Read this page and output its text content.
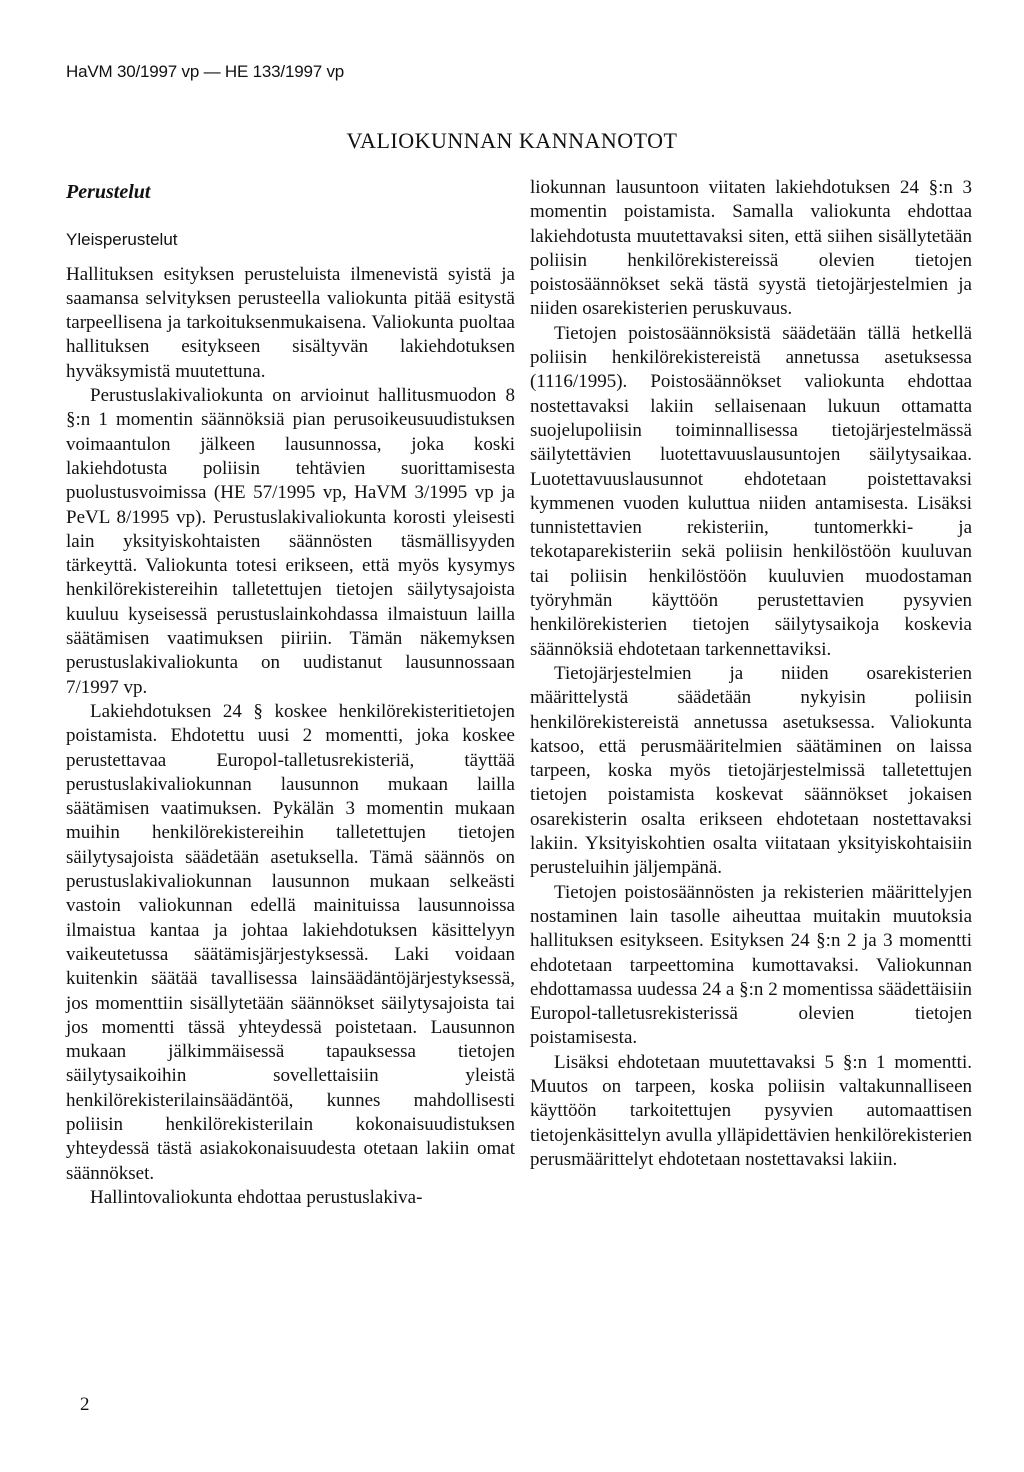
HaVM 30/1997 vp — HE 133/1997 vp
VALIOKUNNAN KANNANOTOT
Perustelut
Yleisperustelut

Hallituksen esityksen perusteluista ilmenevistä syistä ja saamansa selvityksen perusteella valiokunta pitää esitystä tarpeellisena ja tarkoituksenmukaisena. Valiokunta puoltaa hallituksen esitykseen sisältyvän lakiehdotuksen hyväksymistä muutettuna.

Perustuslakivaliokunta on arvioinut hallitusmuodon 8 §:n 1 momentin säännöksiä pian perusoikeusuudistuksen voimaantulon jälkeen lausunnossa, joka koski lakiehdotusta poliisin tehtävien suorittamisesta puolustusvoimissa (HE 57/1995 vp, HaVM 3/1995 vp ja PeVL 8/1995 vp). Perustuslakivaliokunta korosti yleisesti lain yksityiskohtaisten säännösten täsmällisyyden tärkeyttä. Valiokunta totesi erikseen, että myös kysymys henkilörekistereihin talletettujen tietojen säilytysajoista kuuluu kyseisessä perustuslainkohdassa ilmaistuun lailla säätämisen vaatimuksen piiriin. Tämän näkemyksen perustuslakivaliokunta on uudistanut lausunnossaan 7/1997 vp.

Lakiehdotuksen 24 § koskee henkilörekisteritietojen poistamista. Ehdotettu uusi 2 momentti, joka koskee perustettavaa Europol-talletusrekisteriä, täyttää perustuslakivaliokunnan lausunnon mukaan lailla säätämisen vaatimuksen. Pykälän 3 momentin mukaan muihin henkilörekistereihin talletettujen tietojen säilytysajoista säädetään asetuksella. Tämä säännös on perustuslakivaliokunnan lausunnon mukaan selkeästi vastoin valiokunnan edellä mainituissa lausunnoissa ilmaistua kantaa ja johtaa lakiehdotuksen käsittelyyn vaikeutetussa säätämisjärjestyksessä. Laki voidaan kuitenkin säätää tavallisessa lainsäädäntöjärjestyksessä, jos momenttiin sisällytetään säännökset säilytysajoista tai jos momentti tässä yhteydessä poistetaan. Lausunnon mukaan jälkimmäisessä tapauksessa tietojen säilytysaikoihin sovellettaisiin yleistä henkilörekisterilainsäädäntöä, kunnes mahdollisesti poliisin henkilörekisterilain kokonaisuudistuksen yhteydessä tästä asiakokonaisuudesta otetaan lakiin omat säännökset.

Hallintovaliokunta ehdottaa perustuslakiva-

liokunnan lausuntoon viitaten lakiehdotuksen 24 §:n 3 momentin poistamista. Samalla valiokunta ehdottaa lakiehdotusta muutettavaksi siten, että siihen sisällytetään poliisin henkilörekistereissä olevien tietojen poistosäännökset sekä tästä syystä tietojärjestelmien ja niiden osarekisterien peruskuvaus.

Tietojen poistosäännöksistä säädetään tällä hetkellä poliisin henkilörekistereistä annetussa asetuksessa (1116/1995). Poistosäännökset valiokunta ehdottaa nostettavaksi lakiin sellaisenaan lukuun ottamatta suojelupoliisin toiminnallisessa tietojärjestelmässä säilytettävien luotettavuuslausuntojen säilytysaikaa. Luotettavuuslausunnot ehdotetaan poistettavaksi kymmenen vuoden kuluttua niiden antamisesta. Lisäksi tunnistettavien rekisteriin, tuntomerkki- ja tekotaparekisteriin sekä poliisin henkilöstöön kuuluvan tai poliisin henkilöstöön kuuluvien muodostaman työryhmän käyttöön perustettavien pysyvien henkilörekisterien tietojen säilytysaikoja koskevia säännöksiä ehdotetaan tarkennettaviksi.

Tietojärjestelmien ja niiden osarekisterien määrittelystä säädetään nykyisin poliisin henkilörekistereistä annetussa asetuksessa. Valiokunta katsoo, että perusmääritelmien säätäminen on laissa tarpeen, koska myös tietojärjestelmissä talletettujen tietojen poistamista koskevat säännökset jokaisen osarekisterin osalta erikseen ehdotetaan nostettavaksi lakiin. Yksityiskohtien osalta viitataan yksityiskohtaisiin perusteluihin jäljempänä.

Tietojen poistosäännösten ja rekisterien määrittelyjen nostaminen lain tasolle aiheuttaa muitakin muutoksia hallituksen esitykseen. Esityksen 24 §:n 2 ja 3 momentti ehdotetaan tarpeettomina kumottavaksi. Valiokunnan ehdottamassa uudessa 24 a §:n 2 momentissa säädettäisiin Europol-talletusrekisterissä olevien tietojen poistamisesta.

Lisäksi ehdotetaan muutettavaksi 5 §:n 1 momentti. Muutos on tarpeen, koska poliisin valtakunnalliseen käyttöön tarkoitettujen pysyvien automaattisen tietojenkäsittelyn avulla ylläpidettävien henkilörekisterien perusmäärittelyt ehdotetaan nostettavaksi lakiin.

2
